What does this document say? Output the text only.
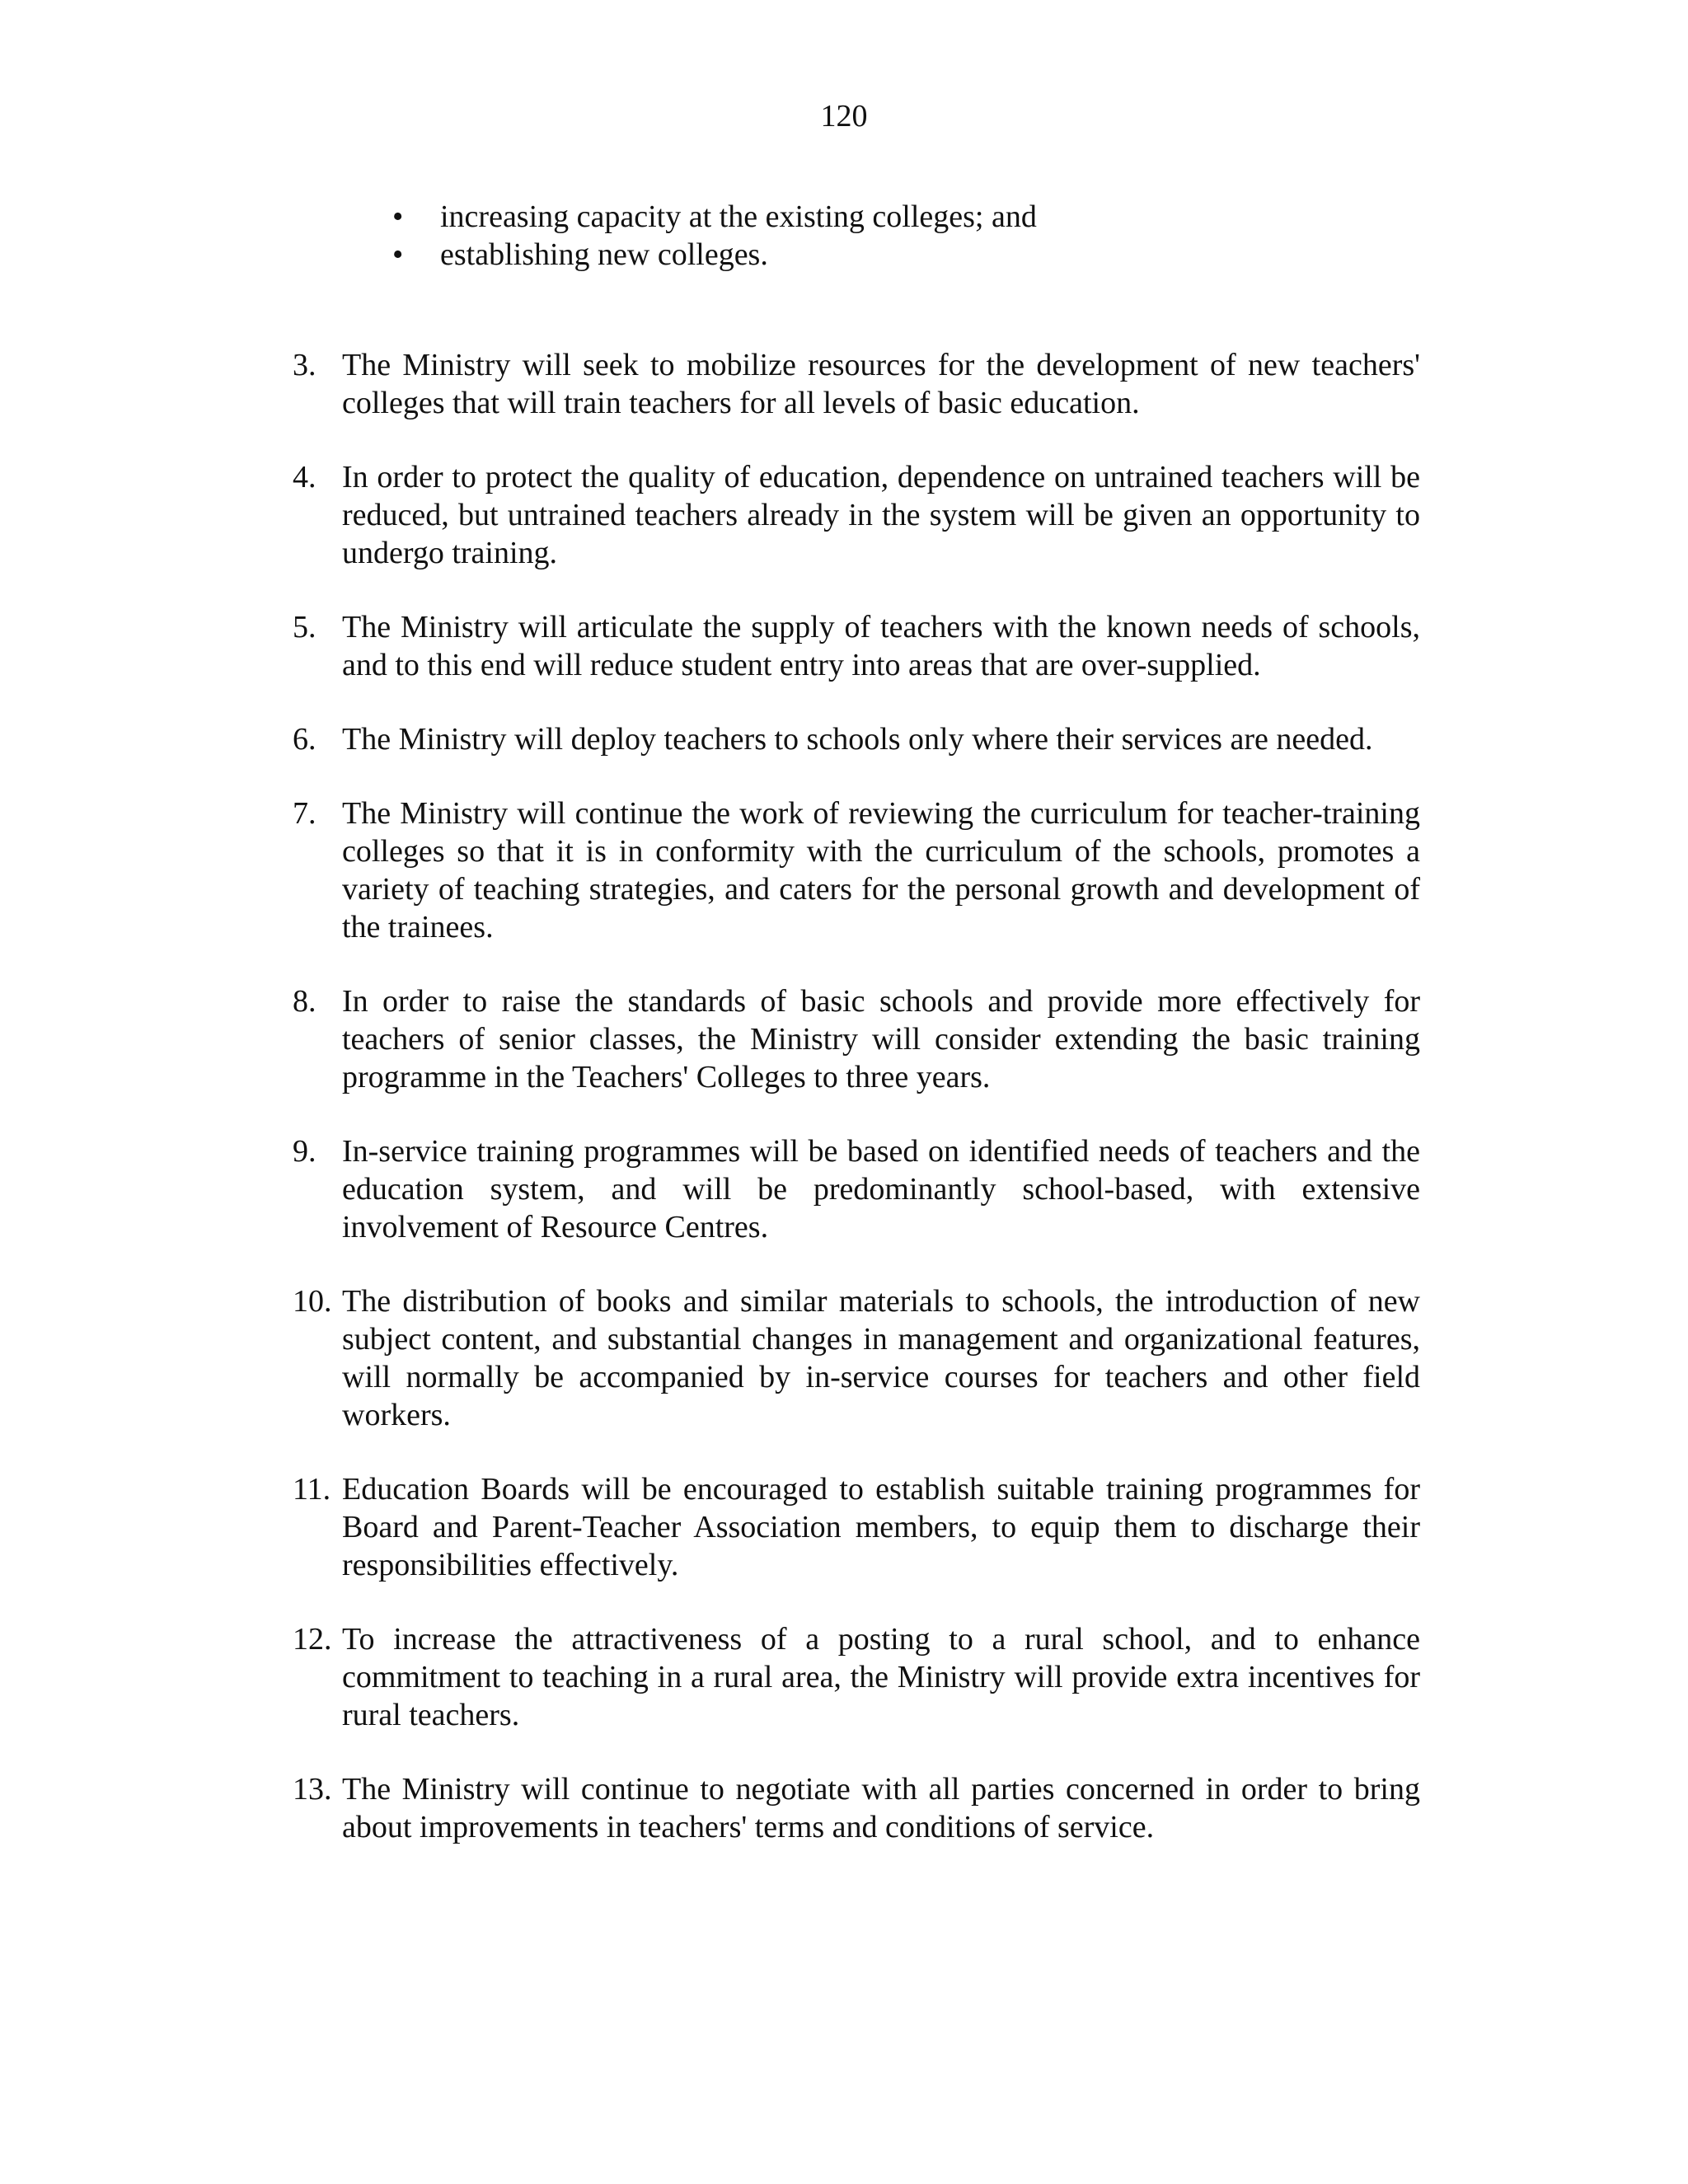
120
• increasing capacity at the existing colleges; and
• establishing new colleges.
3. The Ministry will seek to mobilize resources for the development of new teachers' colleges that will train teachers for all levels of basic education.
4. In order to protect the quality of education, dependence on untrained teachers will be reduced, but untrained teachers already in the system will be given an opportunity to undergo training.
5. The Ministry will articulate the supply of teachers with the known needs of schools, and to this end will reduce student entry into areas that are over-supplied.
6. The Ministry will deploy teachers to schools only where their services are needed.
7. The Ministry will continue the work of reviewing the curriculum for teacher-training colleges so that it is in conformity with the curriculum of the schools, promotes a variety of teaching strategies, and caters for the personal growth and development of the trainees.
8. In order to raise the standards of basic schools and provide more effectively for teachers of senior classes, the Ministry will consider extending the basic training programme in the Teachers' Colleges to three years.
9. In-service training programmes will be based on identified needs of teachers and the education system, and will be predominantly school-based, with extensive involvement of Resource Centres.
10. The distribution of books and similar materials to schools, the introduction of new subject content, and substantial changes in management and organizational features, will normally be accompanied by in-service courses for teachers and other field workers.
11. Education Boards will be encouraged to establish suitable training programmes for Board and Parent-Teacher Association members, to equip them to discharge their responsibilities effectively.
12. To increase the attractiveness of a posting to a rural school, and to enhance commitment to teaching in a rural area, the Ministry will provide extra incentives for rural teachers.
13. The Ministry will continue to negotiate with all parties concerned in order to bring about improvements in teachers' terms and conditions of service.
